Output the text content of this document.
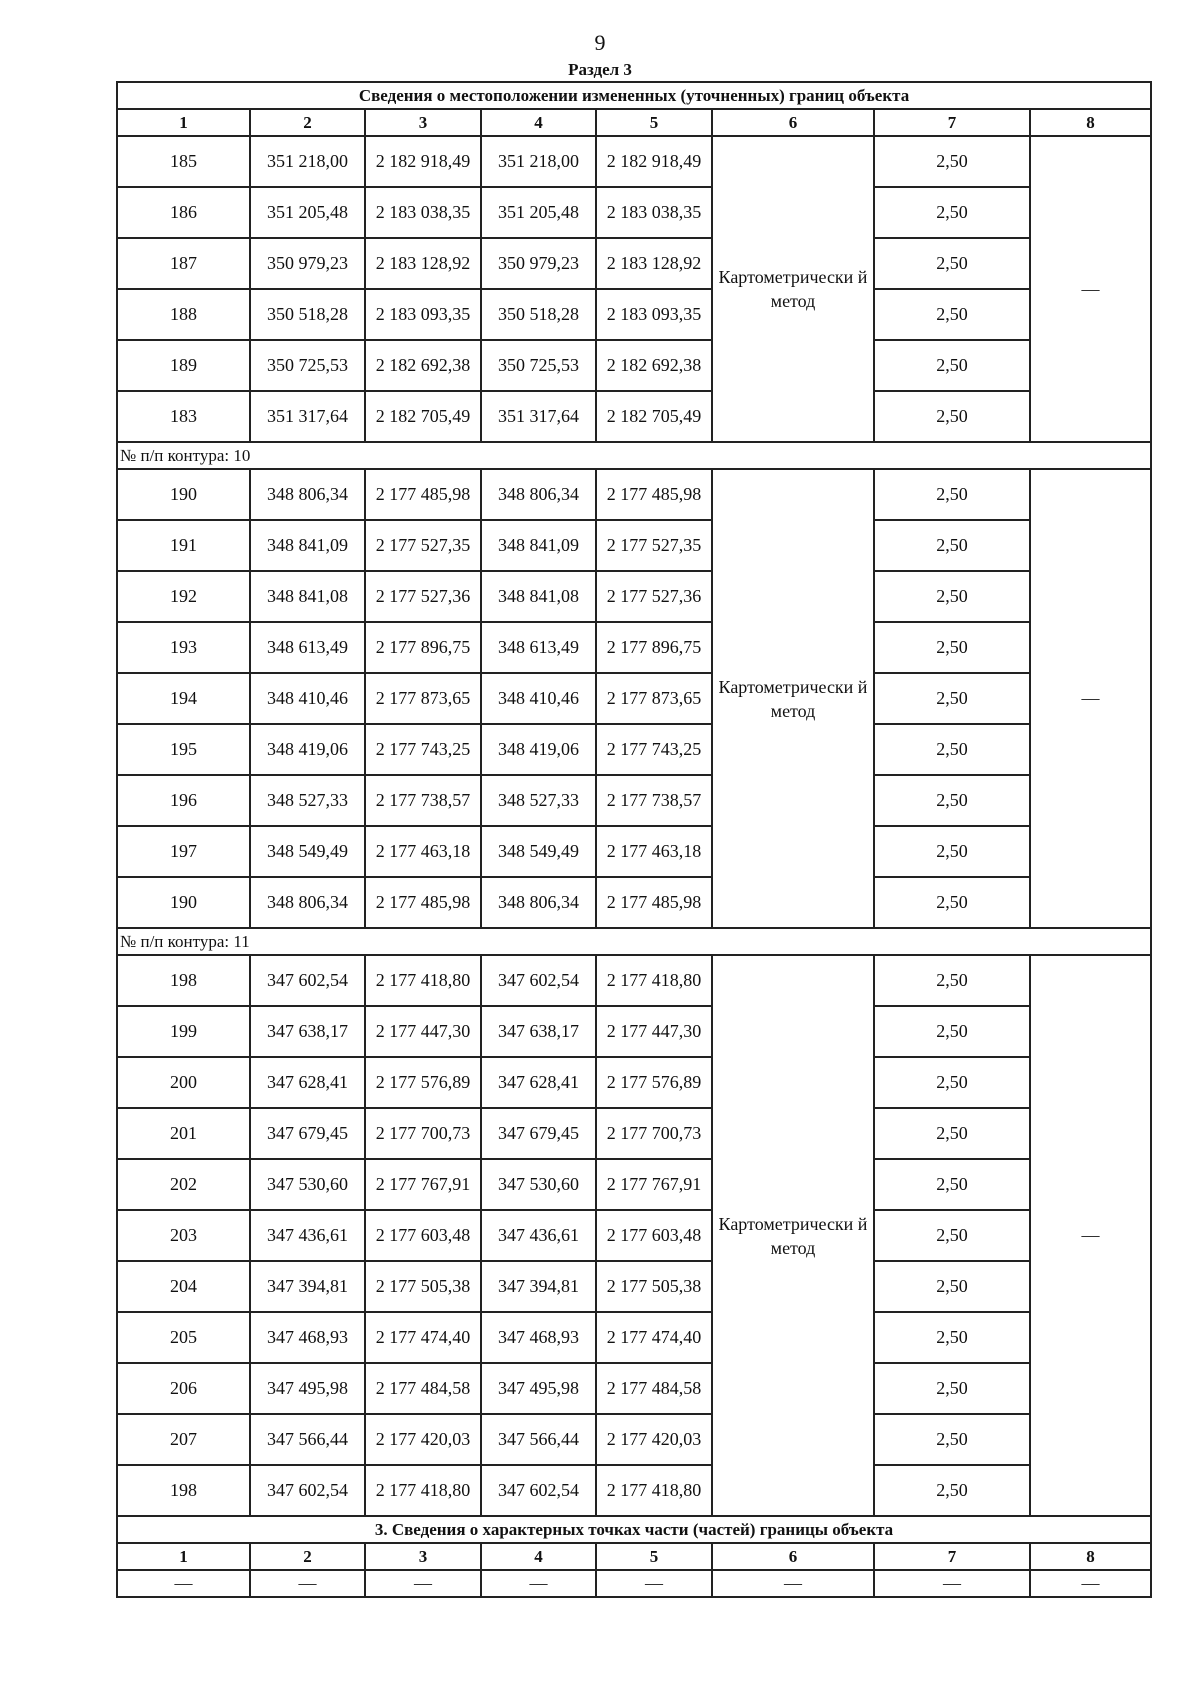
9
Раздел 3
Сведения о местоположении измененных (уточненных) границ объекта							
1	2	3	4	5	6	7	8
185	351 218,00	2 182 918,49	351 218,00	2 182 918,49	Картометрически й метод	2,50	—
186	351 205,48	2 183 038,35	351 205,48	2 183 038,35		2,50	
187	350 979,23	2 183 128,92	350 979,23	2 183 128,92		2,50	
188	350 518,28	2 183 093,35	350 518,28	2 183 093,35		2,50	
189	350 725,53	2 182 692,38	350 725,53	2 182 692,38		2,50	
183	351 317,64	2 182 705,49	351 317,64	2 182 705,49		2,50	
№ п/п контура: 10							
190	348 806,34	2 177 485,98	348 806,34	2 177 485,98	Картометрически й метод	2,50	—
191	348 841,09	2 177 527,35	348 841,09	2 177 527,35		2,50	
192	348 841,08	2 177 527,36	348 841,08	2 177 527,36		2,50	
193	348 613,49	2 177 896,75	348 613,49	2 177 896,75		2,50	
194	348 410,46	2 177 873,65	348 410,46	2 177 873,65		2,50	
195	348 419,06	2 177 743,25	348 419,06	2 177 743,25		2,50	
196	348 527,33	2 177 738,57	348 527,33	2 177 738,57		2,50	
197	348 549,49	2 177 463,18	348 549,49	2 177 463,18		2,50	
190	348 806,34	2 177 485,98	348 806,34	2 177 485,98		2,50	
№ п/п контура: 11							
198	347 602,54	2 177 418,80	347 602,54	2 177 418,80	Картометрически й метод	2,50	—
199	347 638,17	2 177 447,30	347 638,17	2 177 447,30		2,50	
200	347 628,41	2 177 576,89	347 628,41	2 177 576,89		2,50	
201	347 679,45	2 177 700,73	347 679,45	2 177 700,73		2,50	
202	347 530,60	2 177 767,91	347 530,60	2 177 767,91		2,50	
203	347 436,61	2 177 603,48	347 436,61	2 177 603,48		2,50	
204	347 394,81	2 177 505,38	347 394,81	2 177 505,38		2,50	
205	347 468,93	2 177 474,40	347 468,93	2 177 474,40		2,50	
206	347 495,98	2 177 484,58	347 495,98	2 177 484,58		2,50	
207	347 566,44	2 177 420,03	347 566,44	2 177 420,03		2,50	
198	347 602,54	2 177 418,80	347 602,54	2 177 418,80		2,50	
3. Сведения о характерных точках части (частей) границы объекта							
1	2	3	4	5	6	7	8
—	—	—	—	—	—	—	—
